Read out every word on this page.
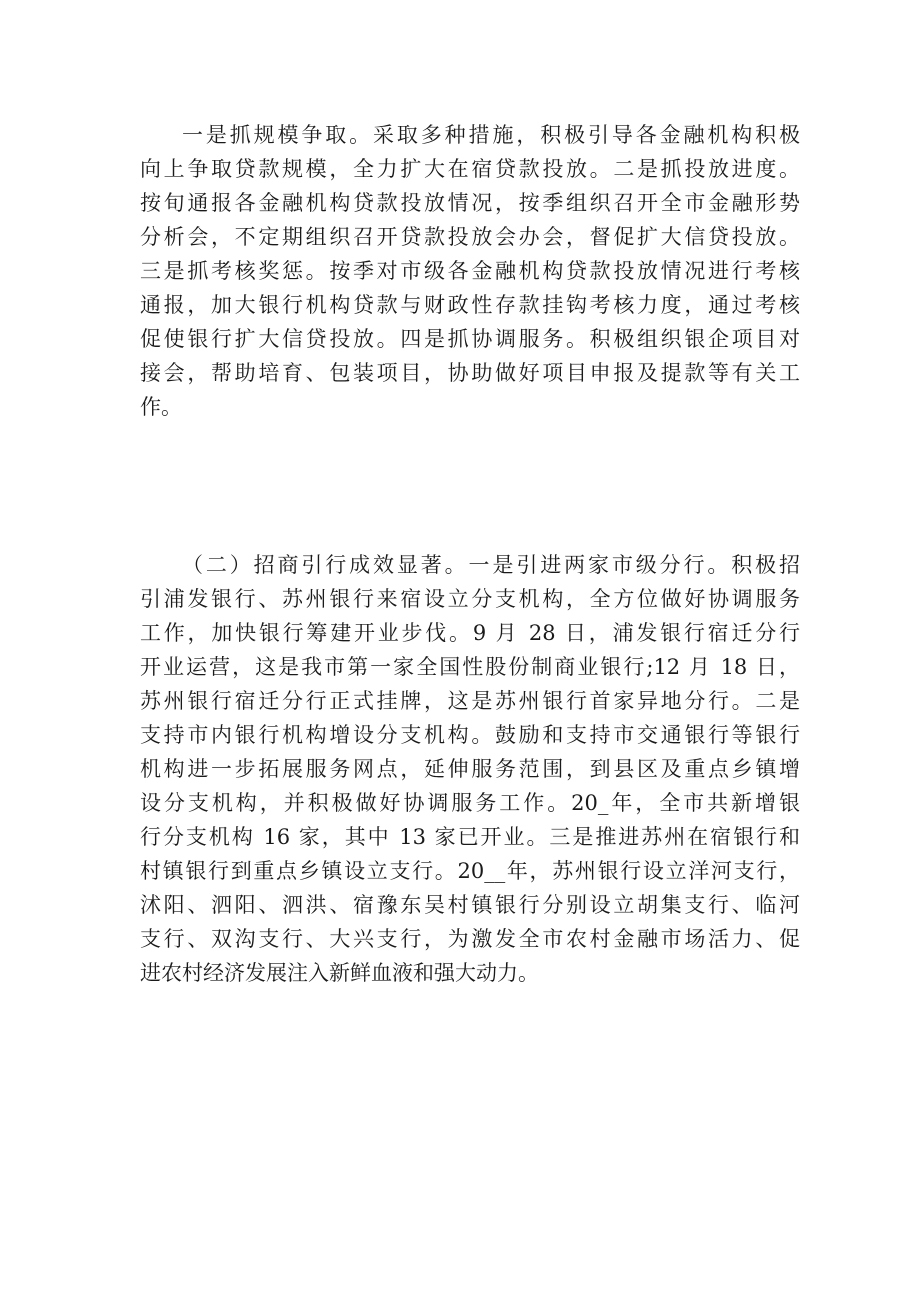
一是抓规模争取。采取多种措施，积极引导各金融机构积极
向上争取贷款规模，全力扩大在宿贷款投放。二是抓投放进度。
按旬通报各金融机构贷款投放情况，按季组织召开全市金融形势
分析会，不定期组织召开贷款投放会办会，督促扩大信贷投放。
三是抓考核奖惩。按季对市级各金融机构贷款投放情况进行考核
通报，加大银行机构贷款与财政性存款挂钩考核力度，通过考核
促使银行扩大信贷投放。四是抓协调服务。积极组织银企项目对
接会，帮助培育、包装项目，协助做好项目申报及提款等有关工
作。
（二）招商引行成效显著。一是引进两家市级分行。积极招
引浦发银行、苏州银行来宿设立分支机构，全方位做好协调服务
工作，加快银行筹建开业步伐。9 月 28 日，浦发银行宿迁分行
开业运营，这是我市第一家全国性股份制商业银行;12 月 18 日，
苏州银行宿迁分行正式挂牌，这是苏州银行首家异地分行。二是
支持市内银行机构增设分支机构。鼓励和支持市交通银行等银行
机构进一步拓展服务网点，延伸服务范围，到县区及重点乡镇增
设分支机构，并积极做好协调服务工作。20_年，全市共新增银
行分支机构 16 家，其中 13 家已开业。三是推进苏州在宿银行和
村镇银行到重点乡镇设立支行。20__年，苏州银行设立洋河支行，
沭阳、泗阳、泗洪、宿豫东吴村镇银行分别设立胡集支行、临河
支行、双沟支行、大兴支行，为激发全市农村金融市场活力、促
进农村经济发展注入新鲜血液和强大动力。
